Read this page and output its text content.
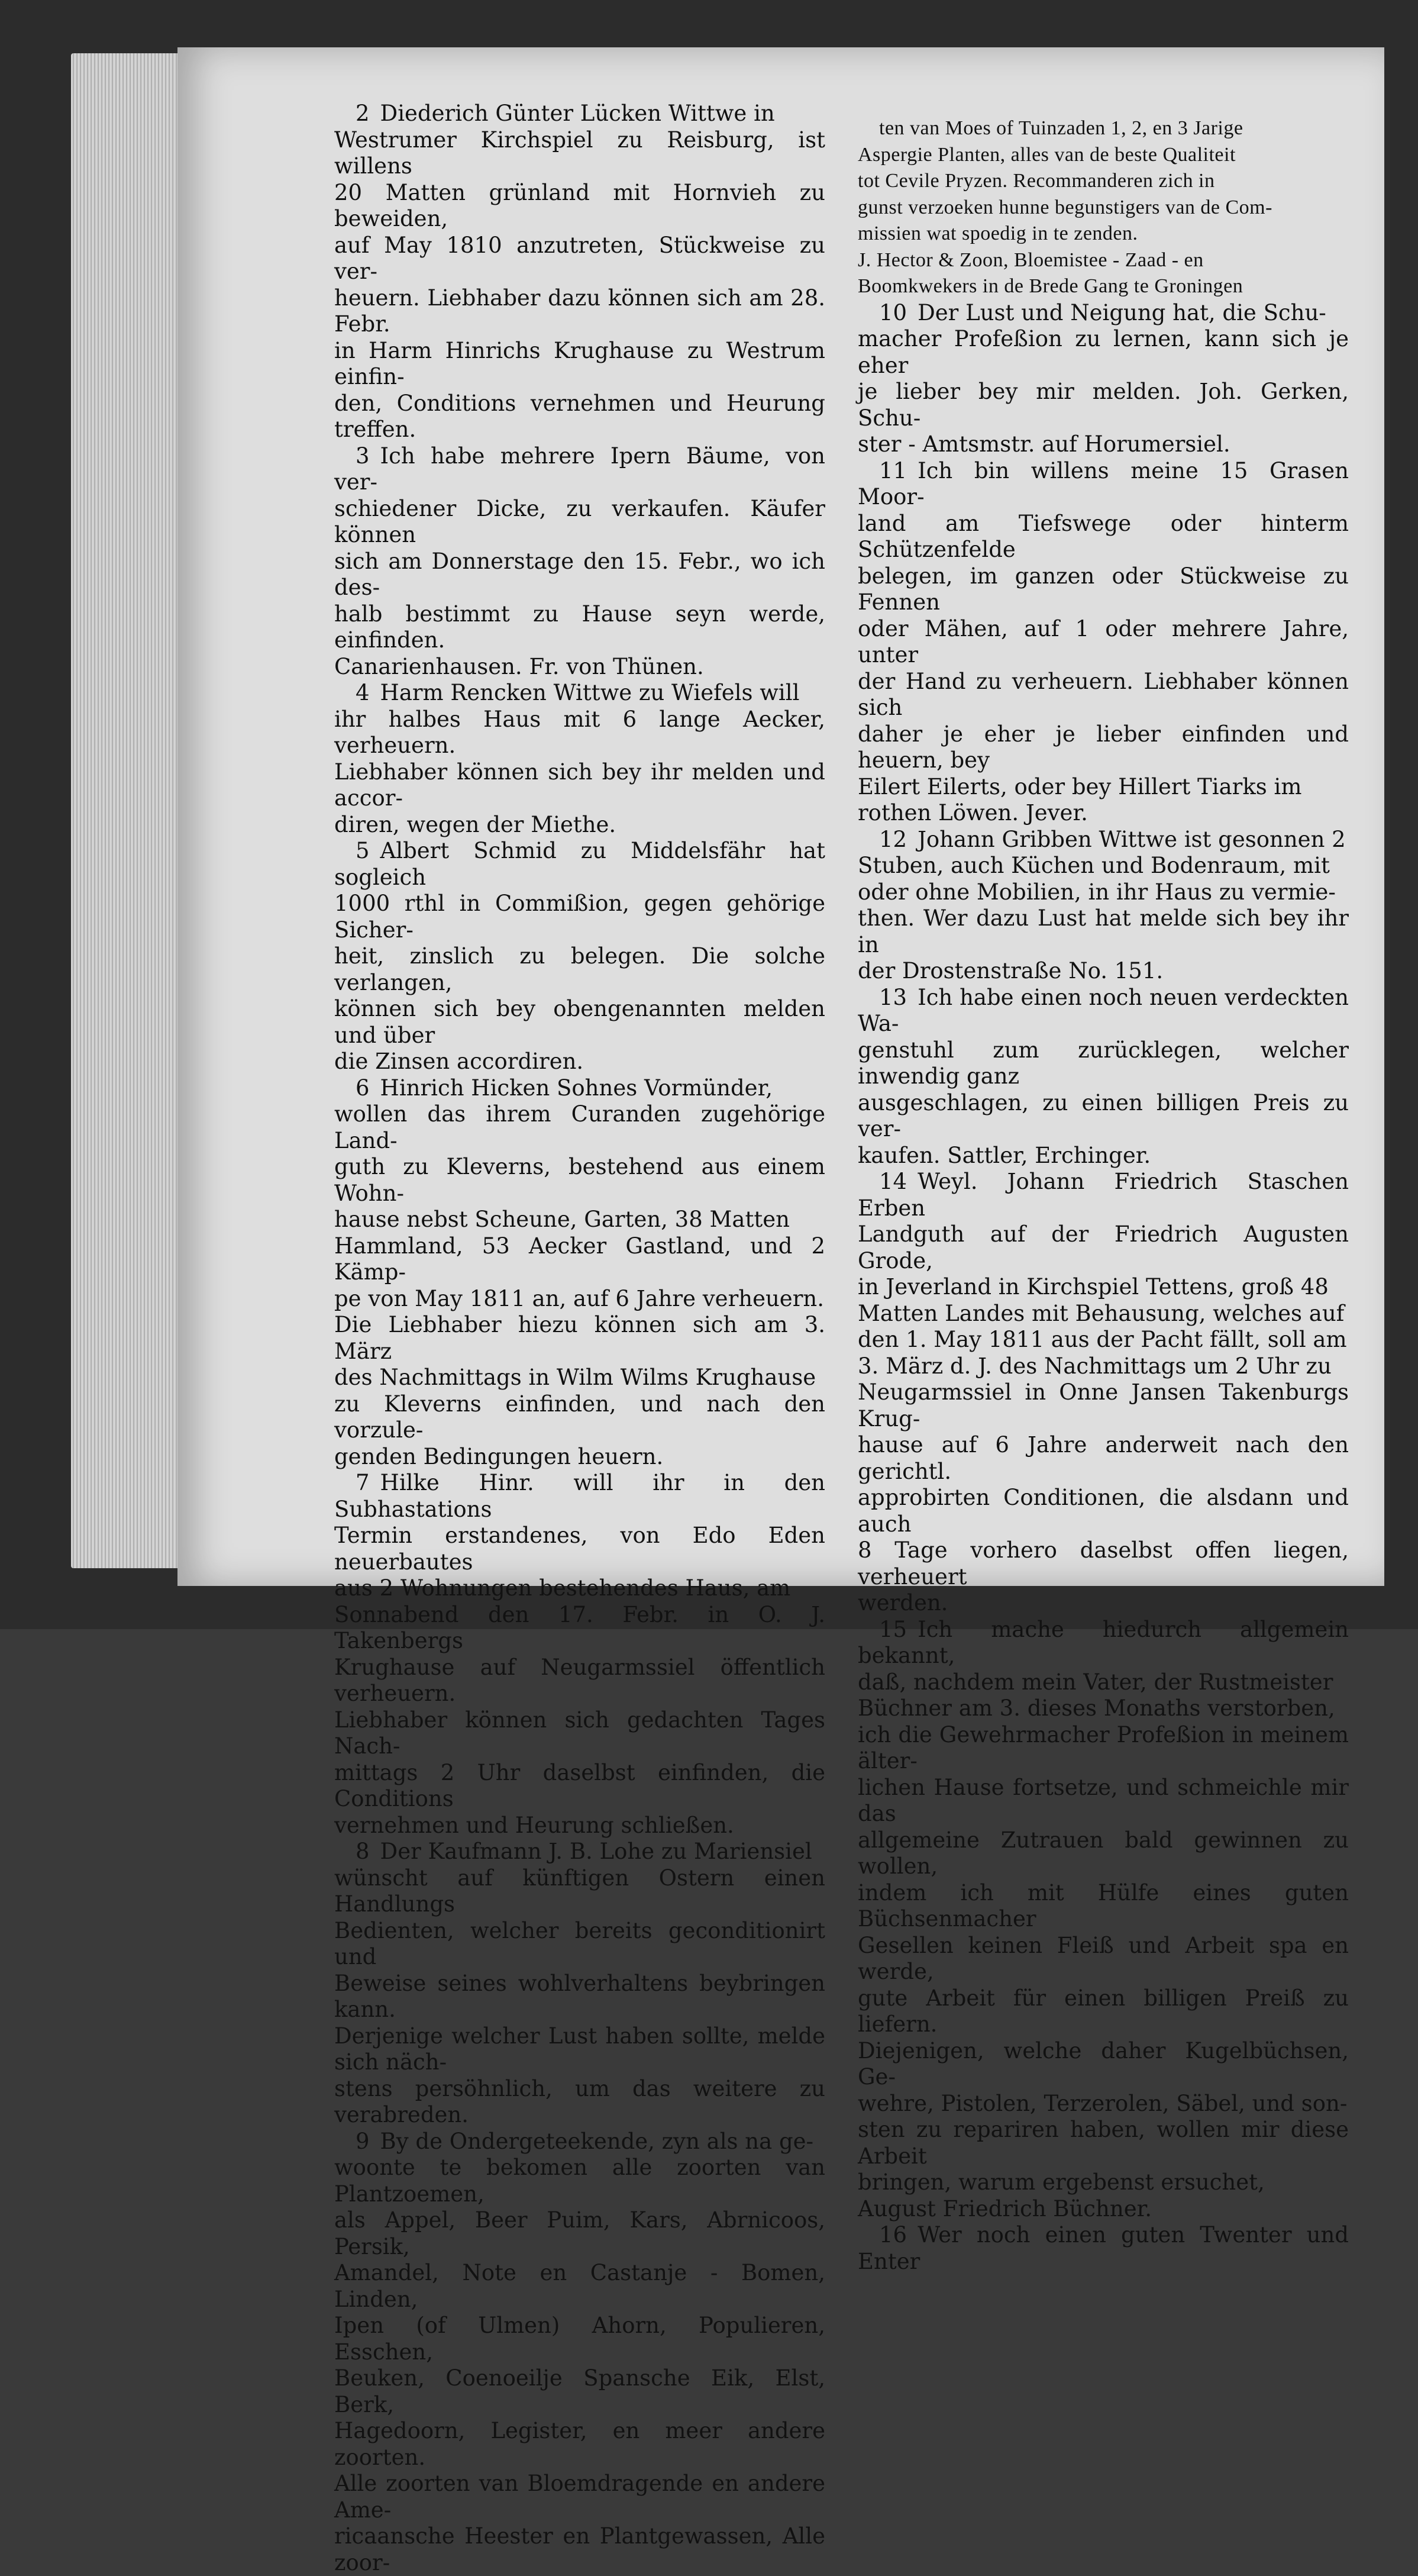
2 Diederich Günter Lücken Wittwe in
Westrumer Kirchspiel zu Reisburg, ist willens
20 Matten grünland mit Hornvieh zu beweiden,
auf May 1810 anzutreten, Stückweise zu ver-
heuern. Liebhaber dazu können sich am 28. Febr.
in Harm Hinrichs Krughause zu Westrum einfin-
den, Conditions vernehmen und Heurung treffen.
3 Ich habe mehrere Ipern Bäume, von ver-
schiedener Dicke, zu verkaufen. Käufer können
sich am Donnerstage den 15. Febr., wo ich des-
halb bestimmt zu Hause seyn werde, einfinden.
Canarienhausen. Fr. von Thünen.
4 Harm Rencken Wittwe zu Wiefels will
ihr halbes Haus mit 6 lange Aecker, verheuern.
Liebhaber können sich bey ihr melden und accor-
diren, wegen der Miethe.
5 Albert Schmid zu Middelsfähr hat sogleich
1000 rthl in Commißion, gegen gehörige Sicher-
heit, zinslich zu belegen. Die solche verlangen,
können sich bey obengenannten melden und über
die Zinsen accordiren.
6 Hinrich Hicken Sohnes Vormünder,
wollen das ihrem Curanden zugehörige Land-
guth zu Kleverns, bestehend aus einem Wohn-
hause nebst Scheune, Garten, 38 Matten
Hammland, 53 Aecker Gastland, und 2 Kämp-
pe von May 1811 an, auf 6 Jahre verheuern.
Die Liebhaber hiezu können sich am 3. März
des Nachmittags in Wilm Wilms Krughause
zu Kleverns einfinden, und nach den vorzule-
genden Bedingungen heuern.
7 Hilke Hinr. will ihr in den Subhastations
Termin erstandenes, von Edo Eden neuerbautes
aus 2 Wohnungen bestehendes Haus, am
Sonnabend den 17. Febr. in O. J. Takenbergs
Krughause auf Neugarmssiel öffentlich verheuern.
Liebhaber können sich gedachten Tages Nach-
mittags 2 Uhr daselbst einfinden, die Conditions
vernehmen und Heurung schließen.
8 Der Kaufmann J. B. Lohe zu Mariensiel
wünscht auf künftigen Ostern einen Handlungs
Bedienten, welcher bereits geconditionirt und
Beweise seines wohlverhaltens beybringen kann.
Derjenige welcher Lust haben sollte, melde sich näch-
stens persöhnlich, um das weitere zu verabreden.
9 By de Ondergeteekende, zyn als na ge-
woonte te bekomen alle zoorten van Plantzoemen,
als Appel, Beer Puim, Kars, Abrnicoos, Persik,
Amandel, Note en Castanje - Bomen, Linden,
Ipen (of Ulmen) Ahorn, Populieren, Esschen,
Beuken, Coenoeilje Spansche Eik, Elst, Berk,
Hagedoorn, Legister, en meer andere zoorten.
Alle zoorten van Bloemdragende en andere Ame-
ricaansche Heester en Plantgewassen, Alle zoor-
ten van Moes of Tuinzaden 1, 2, en 3 Jarige
Aspergie Planten, alles van de beste Qualiteit
tot Cevile Pryzen. Recommanderen zich in
gunst verzoeken hunne begunstigers van de Com-
missien wat spoedig in te zenden.
J. Hector & Zoon, Bloemistee - Zaad - en
Boomkwekers in de Brede Gang te Groningen
10 Der Lust und Neigung hat, die Schu-
macher Profeßion zu lernen, kann sich je eher
je lieber bey mir melden. Joh. Gerken, Schu-
ster - Amtsmstr. auf Horumersiel.
11 Ich bin willens meine 15 Grasen Moor-
land am Tiefswege oder hinterm Schützenfelde
belegen, im ganzen oder Stückweise zu Fennen
oder Mähen, auf 1 oder mehrere Jahre, unter
der Hand zu verheuern. Liebhaber können sich
daher je eher je lieber einfinden und heuern, bey
Eilert Eilerts, oder bey Hillert Tiarks im
rothen Löwen. Jever.
12 Johann Gribben Wittwe ist gesonnen 2
Stuben, auch Küchen und Bodenraum, mit
oder ohne Mobilien, in ihr Haus zu vermie-
then. Wer dazu Lust hat melde sich bey ihr in
der Drostenstraße No. 151.
13 Ich habe einen noch neuen verdeckten Wa-
genstuhl zum zurücklegen, welcher inwendig ganz
ausgeschlagen, zu einen billigen Preis zu ver-
kaufen. Sattler, Erchinger.
14 Weyl. Johann Friedrich Staschen Erben
Landguth auf der Friedrich Augusten Grode,
in Jeverland in Kirchspiel Tettens, groß 48
Matten Landes mit Behausung, welches auf
den 1. May 1811 aus der Pacht fällt, soll am
3. März d. J. des Nachmittags um 2 Uhr zu
Neugarmssiel in Onne Jansen Takenburgs Krug-
hause auf 6 Jahre anderweit nach den gerichtl.
approbirten Conditionen, die alsdann und auch
8 Tage vorhero daselbst offen liegen, verheuert
werden.
15 Ich mache hiedurch allgemein bekannt,
daß, nachdem mein Vater, der Rustmeister
Büchner am 3. dieses Monaths verstorben,
ich die Gewehrmacher Profeßion in meinem älter-
lichen Hause fortsetze, und schmeichle mir das
allgemeine Zutrauen bald gewinnen zu wollen,
indem ich mit Hülfe eines guten Büchsenmacher
Gesellen keinen Fleiß und Arbeit spa en werde,
gute Arbeit für einen billigen Preiß zu liefern.
Diejenigen, welche daher Kugelbüchsen, Ge-
wehre, Pistolen, Terzerolen, Säbel, und son-
sten zu repariren haben, wollen mir diese Arbeit
bringen, warum ergebenst ersuchet,
August Friedrich Büchner.
16 Wer noch einen guten Twenter und Enter
